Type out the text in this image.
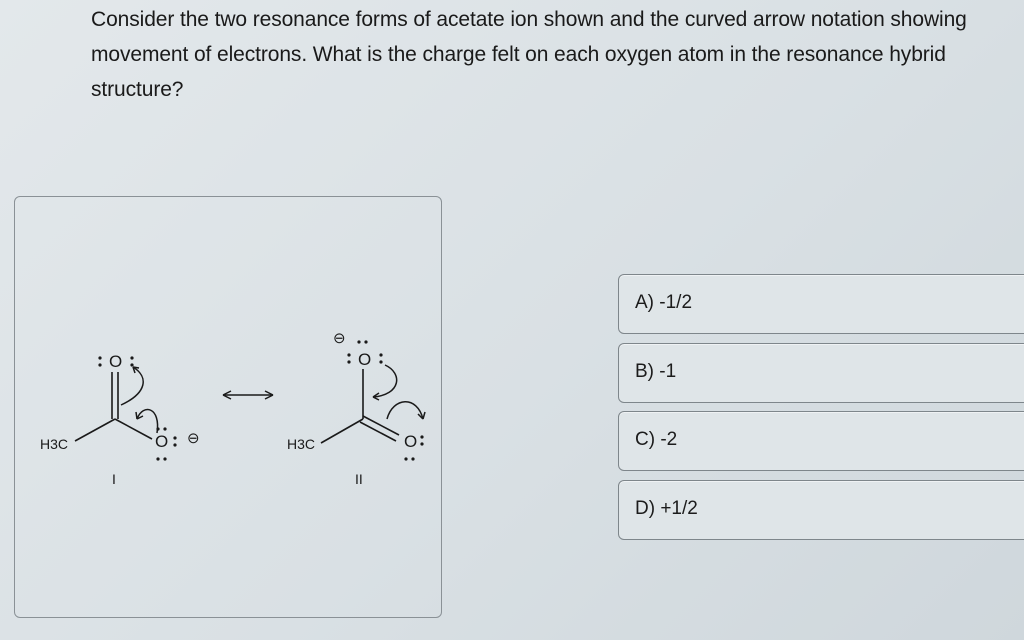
Consider the two resonance forms of acetate ion shown and the curved arrow notation showing movement of electrons. What is the charge felt on each oxygen atom in the resonance hybrid structure?
H3C
O
O ⊖
I
H3C
O
O
⊖
II
A) -1/2
B) -1
C) -2
D) +1/2
